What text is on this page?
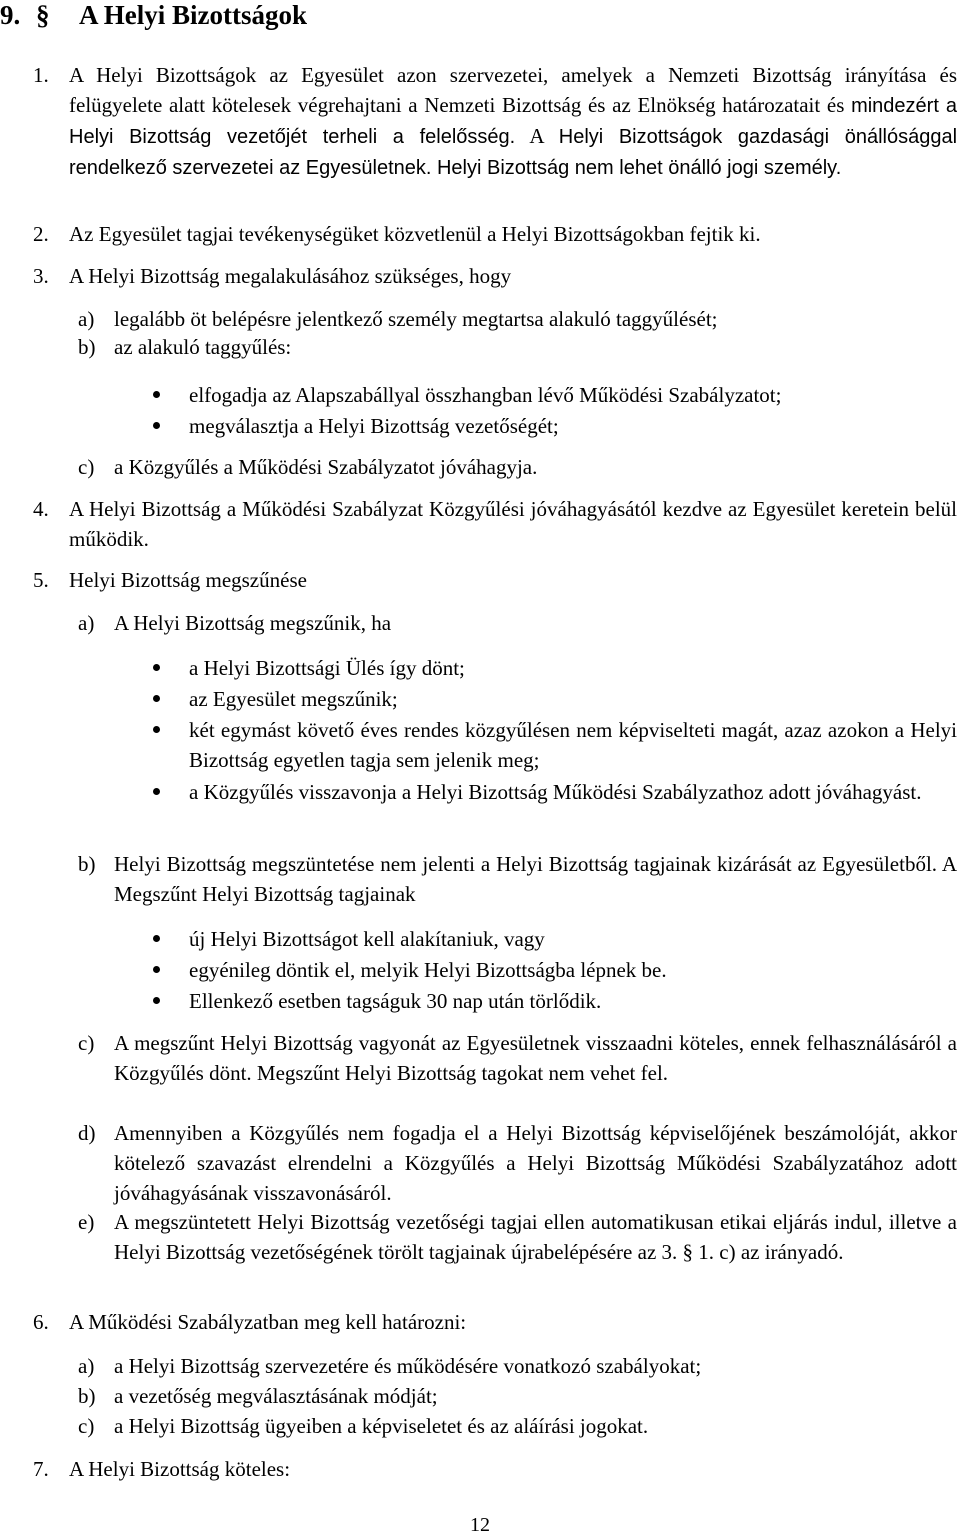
9. § A Helyi Bizottságok
1. A Helyi Bizottságok az Egyesület azon szervezetei, amelyek a Nemzeti Bizottság irányítása és felügyelete alatt kötelesek végrehajtani a Nemzeti Bizottság és az Elnökség határozatait és mindezért a Helyi Bizottság vezetőjét terheli a felelősség. A Helyi Bizottságok gazdasági önállósággal rendelkező szervezetei az Egyesületnek. Helyi Bizottság nem lehet önálló jogi személy.
2. Az Egyesület tagjai tevékenységüket közvetlenül a Helyi Bizottságokban fejtik ki.
3. A Helyi Bizottság megalakulásához szükséges, hogy
a) legalább öt belépésre jelentkező személy megtartsa alakuló taggyűlését;
b) az alakuló taggyűlés:
elfogadja az Alapszabállyal összhangban lévő Működési Szabályzatot;
megválasztja a Helyi Bizottság vezetőségét;
c) a Közgyűlés a Működési Szabályzatot jóváhagyja.
4. A Helyi Bizottság a Működési Szabályzat Közgyűlési jóváhagyásától kezdve az Egyesület keretein belül működik.
5. Helyi Bizottság megszűnése
a) A Helyi Bizottság megszűnik, ha
a Helyi Bizottsági Ülés így dönt;
az Egyesület megszűnik;
két egymást követő éves rendes közgyűlésen nem képviselteti magát, azaz azokon a Helyi Bizottság egyetlen tagja sem jelenik meg;
a Közgyűlés visszavonja a Helyi Bizottság Működési Szabályzathoz adott jóváhagyást.
b) Helyi Bizottság megszüntetése nem jelenti a Helyi Bizottság tagjainak kizárását az Egyesületből. A Megszűnt Helyi Bizottság tagjainak
új Helyi Bizottságot kell alakítaniuk, vagy
egyénileg döntik el, melyik Helyi Bizottságba lépnek be.
Ellenkező esetben tagságuk 30 nap után törlődik.
c) A megszűnt Helyi Bizottság vagyonát az Egyesületnek visszaadni köteles, ennek felhasználásáról a Közgyűlés dönt. Megszűnt Helyi Bizottság tagokat nem vehet fel.
d) Amennyiben a Közgyűlés nem fogadja el a Helyi Bizottság képviselőjének beszámolóját, akkor kötelező szavazást elrendelni a Közgyűlés a Helyi Bizottság Működési Szabályzatához adott jóváhagyásának visszavonásáról.
e) A megszüntetett Helyi Bizottság vezetőségi tagjai ellen automatikusan etikai eljárás indul, illetve a Helyi Bizottság vezetőségének törölt tagjainak újrabelépésére az 3. § 1. c) az irányadó.
6. A Működési Szabályzatban meg kell határozni:
a) a Helyi Bizottság szervezetére és működésére vonatkozó szabályokat;
b) a vezetőség megválasztásának módját;
c) a Helyi Bizottság ügyeiben a képviseletet és az aláírási jogokat.
7. A Helyi Bizottság köteles:
12
